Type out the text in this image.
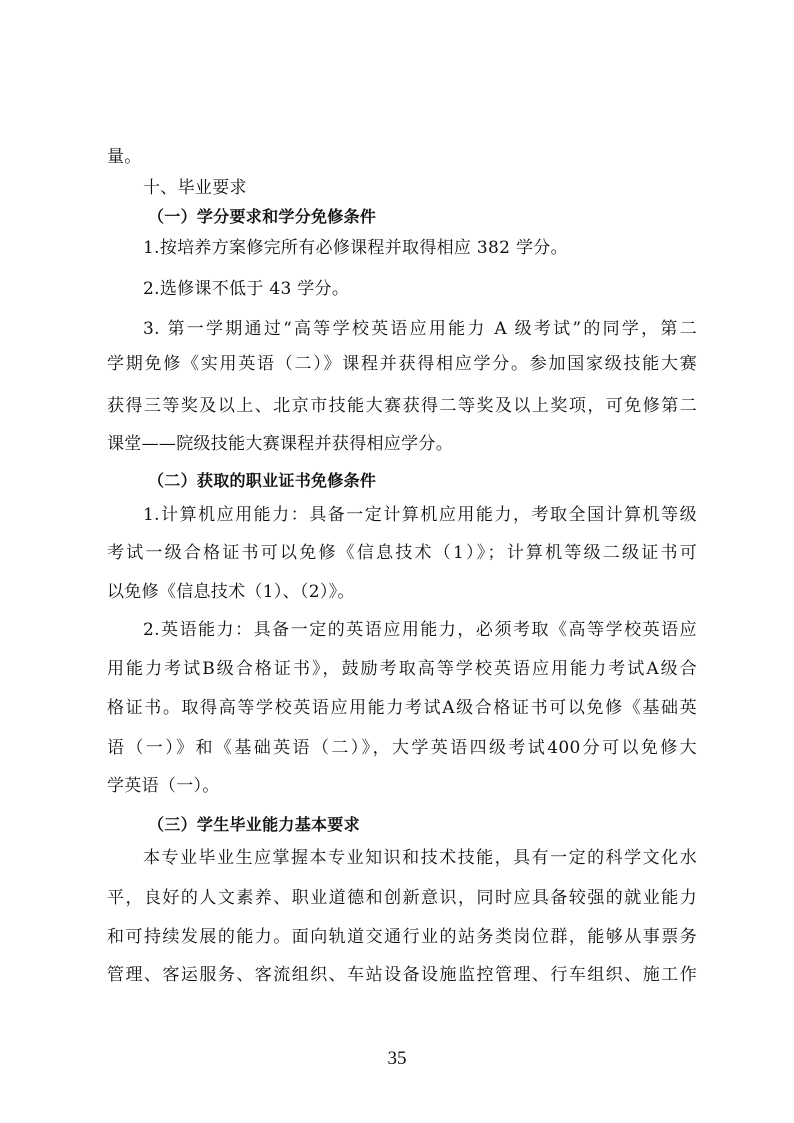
量。
十、毕业要求
（一）学分要求和学分免修条件
1.按培养方案修完所有必修课程并取得相应 382 学分。
2.选修课不低于 43 学分。
3. 第一学期通过“高等学校英语应用能力 A 级考试”的同学，第二
学期免修《实用英语（二）》课程并获得相应学分。参加国家级技能大赛
获得三等奖及以上、北京市技能大赛获得二等奖及以上奖项，可免修第二
课堂——院级技能大赛课程并获得相应学分。
（二）获取的职业证书免修条件
1.计算机应用能力：具备一定计算机应用能力，考取全国计算机等级
考试一级合格证书可以免修《信息技术（1）》；计算机等级二级证书可
以免修《信息技术（1）、（2）》。
2.英语能力：具备一定的英语应用能力，必须考取《高等学校英语应
用能力考试B级合格证书》，鼓励考取高等学校英语应用能力考试A级合
格证书。取得高等学校英语应用能力考试A级合格证书可以免修《基础英
语（一）》和《基础英语（二）》，大学英语四级考试400分可以免修大
学英语（一）。
（三）学生毕业能力基本要求
本专业毕业生应掌握本专业知识和技术技能，具有一定的科学文化水
平，良好的人文素养、职业道德和创新意识，同时应具备较强的就业能力
和可持续发展的能力。面向轨道交通行业的站务类岗位群，能够从事票务
管理、客运服务、客流组织、车站设备设施监控管理、行车组织、施工作
35
